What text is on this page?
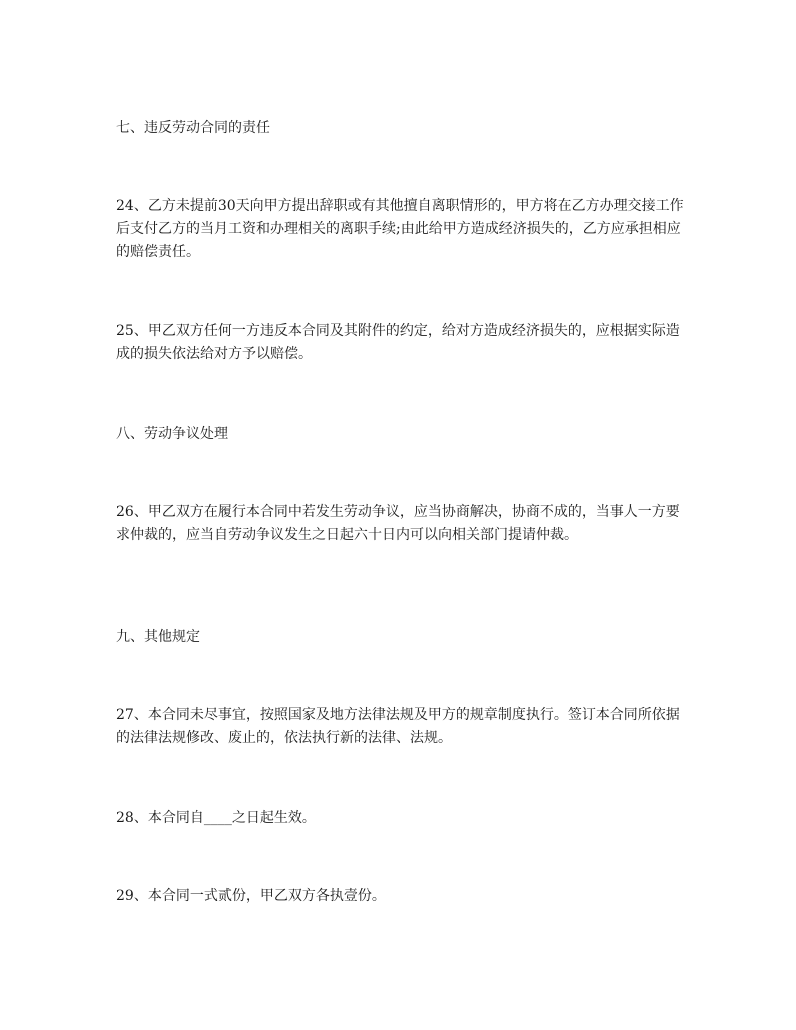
七、违反劳动合同的责任

24、乙方未提前30天向甲方提出辞职或有其他擅自离职情形的，甲方将在乙方办理交接工作后支付乙方的当月工资和办理相关的离职手续;由此给甲方造成经济损失的，乙方应承担相应的赔偿责任。

25、甲乙双方任何一方违反本合同及其附件的约定，给对方造成经济损失的，应根据实际造成的损失依法给对方予以赔偿。

八、劳动争议处理

26、甲乙双方在履行本合同中若发生劳动争议，应当协商解决，协商不成的，当事人一方要求仲裁的，应当自劳动争议发生之日起六十日内可以向相关部门提请仲裁。

九、其他规定

27、本合同未尽事宜，按照国家及地方法律法规及甲方的规章制度执行。签订本合同所依据的法律法规修改、废止的，依法执行新的法律、法规。

28、本合同自____之日起生效。

29、本合同一式贰份，甲乙双方各执壹份。
